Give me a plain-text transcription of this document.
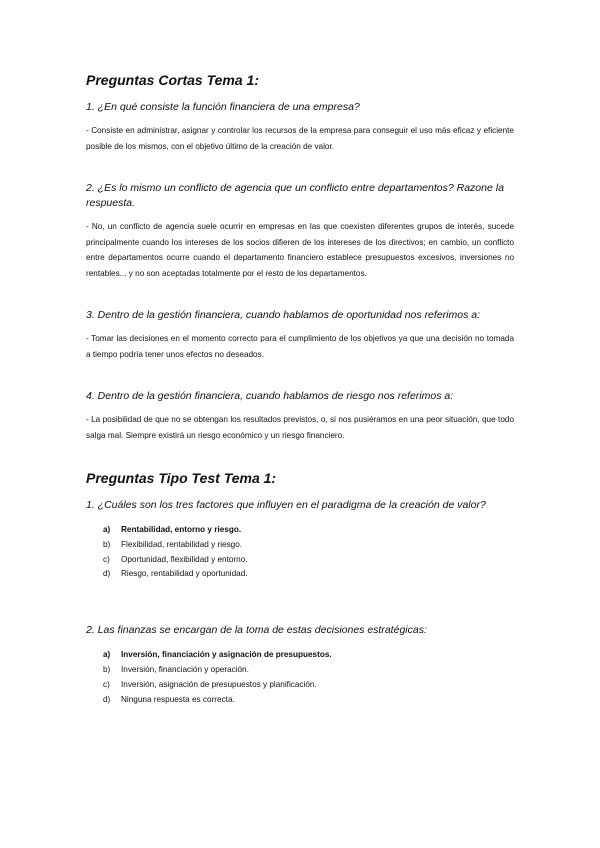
Preguntas Cortas Tema 1:

1. ¿En qué consiste la función financiera de una empresa?

- Consiste en administrar, asignar y controlar los recursos de la empresa para conseguir el uso más eficaz y eficiente posible de los mismos, con el objetivo último de la creación de valor.

2. ¿Es lo mismo un conflicto de agencia que un conflicto entre departamentos? Razone la respuesta.

- No, un conflicto de agencia suele ocurrir en empresas en las que coexisten diferentes grupos de interés, sucede principalmente cuando los intereses de los socios difieren de los intereses de los directivos; en cambio, un conflicto entre departamentos ocurre cuando el departamento financiero establece presupuestos excesivos, inversiones no rentables... y no son aceptadas totalmente por el resto de los departamentos.

3. Dentro de la gestión financiera, cuando hablamos de oportunidad nos referimos a:

- Tomar las decisiones en el momento correcto para el cumplimiento de los objetivos ya que una decisión no tomada a tiempo podría tener unos efectos no deseados.

4. Dentro de la gestión financiera, cuando hablamos de riesgo nos referimos a:

- La posibilidad de que no se obtengan los resultados previstos, o, si nos pusiéramos en una peor situación, que todo salga mal. Siempre existirá un riesgo económico y un riesgo financiero.

Preguntas Tipo Test Tema 1:

1. ¿Cuáles son los tres factores que influyen en el paradigma de la creación de valor?

a)	Rentabilidad, entorno y riesgo.
b)	Flexibilidad, rentabilidad y riesgo.
c)	Oportunidad, flexibilidad y entorno.
d)	Riesgo, rentabilidad y oportunidad.

2. Las finanzas se encargan de la toma de estas decisiones estratégicas:

a)	Inversión, financiación y asignación de presupuestos.
b)	Inversión, financiación y operación.
c)	Inversión, asignación de presupuestos y planificación.
d)	Ninguna respuesta es correcta.
